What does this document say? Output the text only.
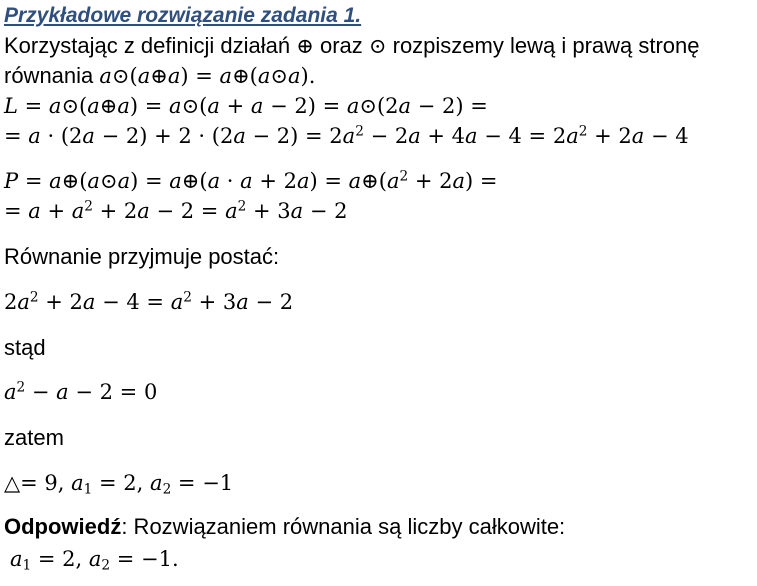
Przykładowe rozwiązanie zadania 1.
Korzystając z definicji działań ⊕ oraz ⊙ rozpiszemy lewą i prawą stronę
równania a⊙(a⊕a) = a⊕(a⊙a).
L = a⊙(a⊕a) = a⊙(a + a − 2) = a⊙(2a − 2) =
= $a \cdot (2a - 2) + 2 \cdot (2a - 2) = 2a^2 - 2a + 4a - 4 = 2a^2 + 2a - 4$
P = a⊕(a⊙a) = a⊕(a · $a + 2a) = a\oplus(a^2 + 2a)$ =
= $a + a^2 + 2a - 2 = a^2 + 3a - 2$
Równanie przyjmuje postać:
$2a^2 + 2a - 4 = a^2 + 3a - 2$
stąd
$a^2 - a - 2 = 0$
zatem
△= 9, $a_1 = 2$, $a_2 = -1$
Odpowiedź: Rozwiązaniem równania są liczby całkowite:
$a_1 = 2$, $a_2 = -1$.
